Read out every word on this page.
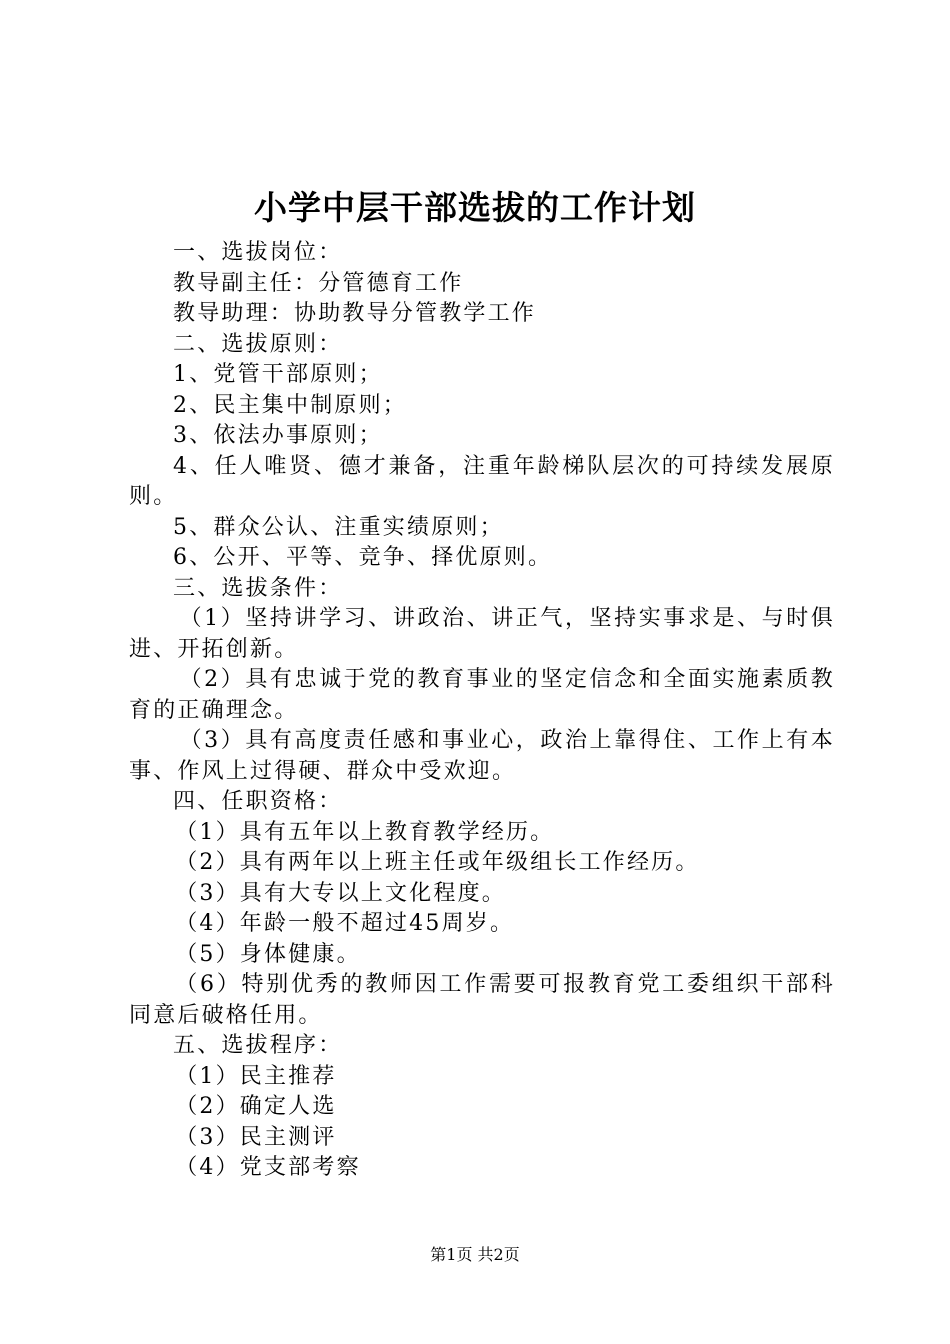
小学中层干部选拔的工作计划

一、选拔岗位：

教导副主任：分管德育工作

教导助理：协助教导分管教学工作

二、选拔原则：

1、党管干部原则；

2、民主集中制原则；

3、依法办事原则；

4、任人唯贤、德才兼备，注重年龄梯队层次的可持续发展原则。

5、群众公认、注重实绩原则；

6、公开、平等、竞争、择优原则。

三、选拔条件：

（1）坚持讲学习、讲政治、讲正气，坚持实事求是、与时俱进、开拓创新。

（2）具有忠诚于党的教育事业的坚定信念和全面实施素质教育的正确理念。

（3）具有高度责任感和事业心，政治上靠得住、工作上有本事、作风上过得硬、群众中受欢迎。

四、任职资格：

（1）具有五年以上教育教学经历。

（2）具有两年以上班主任或年级组长工作经历。

（3）具有大专以上文化程度。

（4）年龄一般不超过45周岁。

（5）身体健康。

（6）特别优秀的教师因工作需要可报教育党工委组织干部科同意后破格任用。

五、选拔程序：

（1）民主推荐

（2）确定人选

（3）民主测评

（4）党支部考察

第1页 共2页
